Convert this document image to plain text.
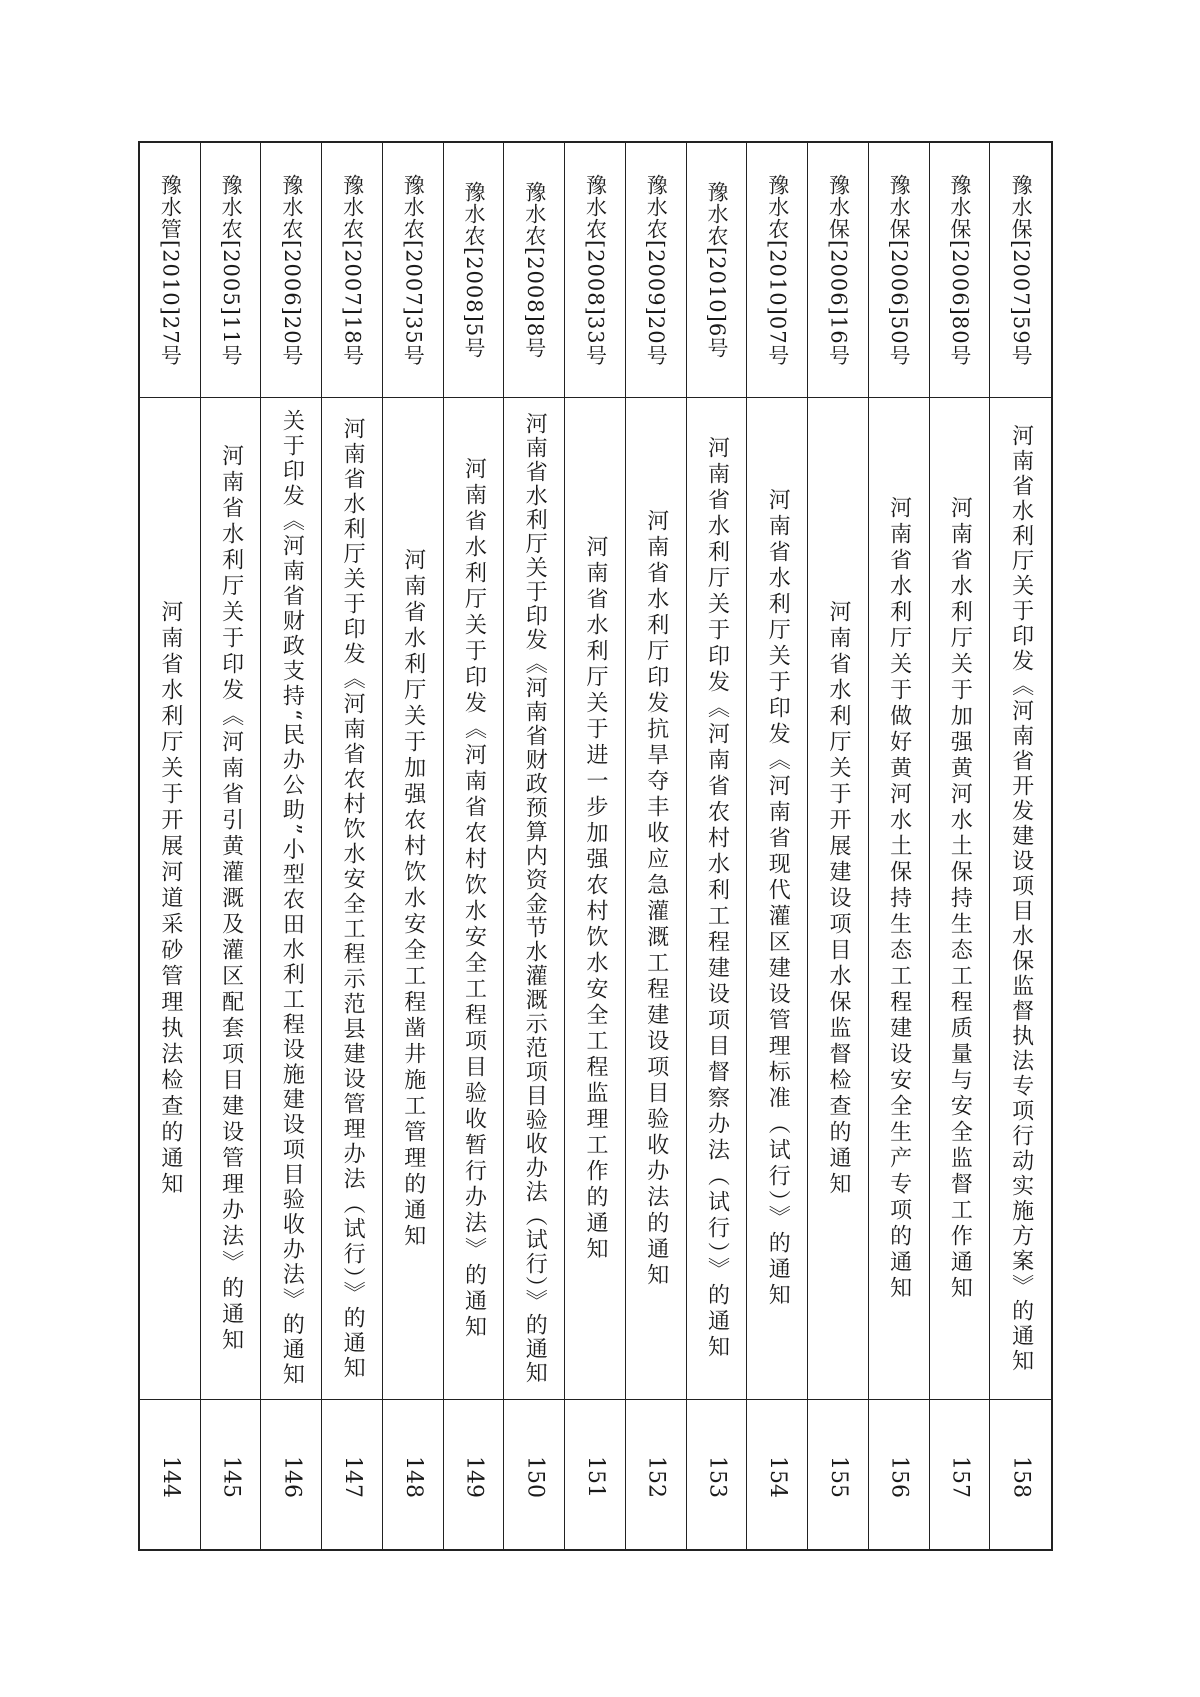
豫水管[2010]27号
河南省水利厅关于开展河道采砂管理执法检查的通知
144
豫水农[2005]11号
河南省水利厅关于印发《河南省引黄灌溉及灌区配套项目建设管理办法》的通知
145
豫水农[2006]20号
关于印发《河南省财政支持“民办公助”小型农田水利工程设施建设项目验收办法》的通知
146
豫水农[2007]18号
河南省水利厅关于印发《河南省农村饮水安全工程示范县建设管理办法（试行）》的通知
147
豫水农[2007]35号
河南省水利厅关于加强农村饮水安全工程凿井施工管理的通知
148
豫水农[2008]5号
河南省水利厅关于印发《河南省农村饮水安全工程项目验收暂行办法》的通知
149
豫水农[2008]8号
河南省水利厅关于印发《河南省财政预算内资金节水灌溉示范项目验收办法（试行）》的通知
150
豫水农[2008]33号
河南省水利厅关于进一步加强农村饮水安全工程监理工作的通知
151
豫水农[2009]20号
河南省水利厅印发抗旱夺丰收应急灌溉工程建设项目验收办法的通知
152
豫水农[2010]6号
河南省水利厅关于印发《河南省农村水利工程建设项目督察办法（试行）》的通知
153
豫水农[2010]07号
河南省水利厅关于印发《河南省现代灌区建设管理标准（试行）》的通知
154
豫水保[2006]16号
河南省水利厅关于开展建设项目水保监督检查的通知
155
豫水保[2006]50号
河南省水利厅关于做好黄河水土保持生态工程建设安全生产专项的通知
156
豫水保[2006]80号
河南省水利厅关于加强黄河水土保持生态工程质量与安全监督工作通知
157
豫水保[2007]59号
河南省水利厅关于印发《河南省开发建设项目水保监督执法专项行动实施方案》的通知
158
